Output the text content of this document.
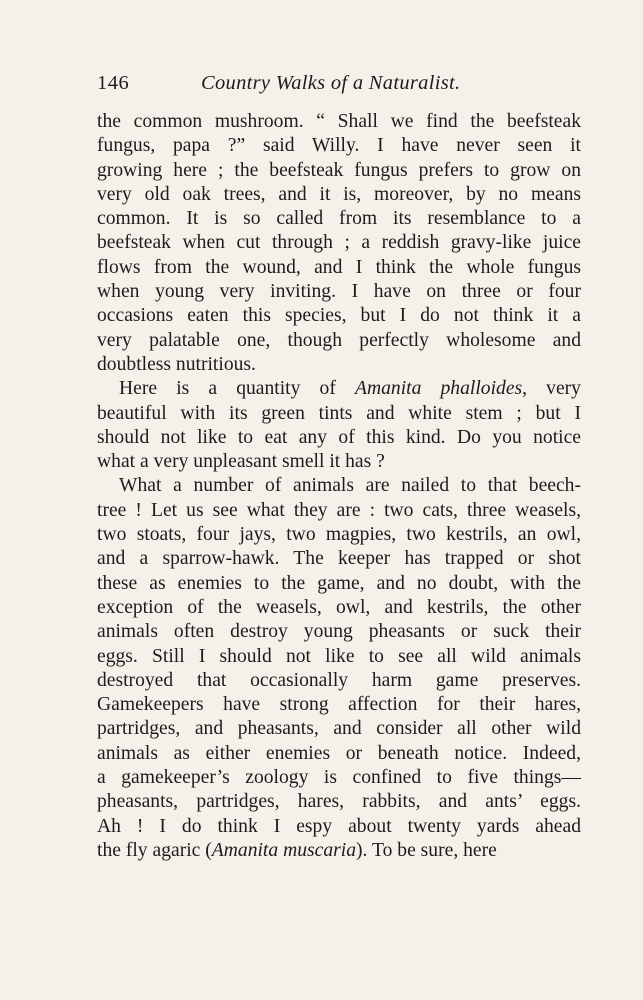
146	Country Walks of a Naturalist.
the common mushroom. “ Shall we find the beefsteak
fungus, papa ?” said Willy. I have never seen it
growing here ; the beefsteak fungus prefers to grow on
very old oak trees, and it is, moreover, by no means
common. It is so called from its resemblance to a
beefsteak when cut through ; a reddish gravy-like juice
flows from the wound, and I think the whole fungus
when young very inviting. I have on three or four
occasions eaten this species, but I do not think it a
very palatable one, though perfectly wholesome and
doubtless nutritious.
Here is a quantity of Amanita phalloides, very
beautiful with its green tints and white stem ; but I
should not like to eat any of this kind. Do you notice
what a very unpleasant smell it has ?
What a number of animals are nailed to that beech-
tree ! Let us see what they are : two cats, three weasels,
two stoats, four jays, two magpies, two kestrils, an owl,
and a sparrow-hawk. The keeper has trapped or shot
these as enemies to the game, and no doubt, with the
exception of the weasels, owl, and kestrils, the other
animals often destroy young pheasants or suck their
eggs. Still I should not like to see all wild animals
destroyed that occasionally harm game preserves.
Gamekeepers have strong affection for their hares,
partridges, and pheasants, and consider all other wild
animals as either enemies or beneath notice. Indeed,
a gamekeeper’s zoology is confined to five things—
pheasants, partridges, hares, rabbits, and ants’ eggs.
Ah ! I do think I espy about twenty yards ahead
the fly agaric (Amanita muscaria). To be sure, here
